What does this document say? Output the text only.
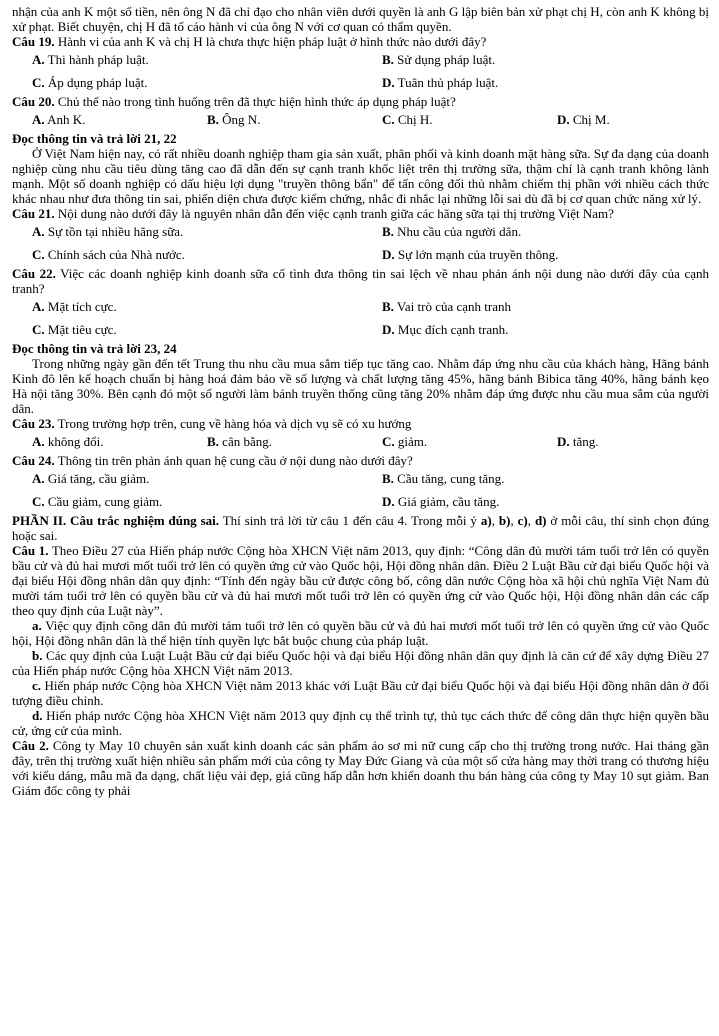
nhận của anh K một số tiền, nên ông N đã chỉ đạo cho nhân viên dưới quyền là anh G lập biên bản xử phạt chị H, còn anh K không bị xử phạt. Biết chuyện, chị H đã tố cáo hành vi của ông N với cơ quan có thẩm quyền.

Câu 19. Hành vi của anh K và chị H là chưa thực hiện pháp luật ở hình thức nào dưới đây?

A. Thi hành pháp luật.	B. Sử dụng pháp luật.
C. Áp dụng pháp luật.	D. Tuân thủ pháp luật.

Câu 20. Chủ thể nào trong tình huống trên đã thực hiện hình thức áp dụng pháp luật?

A. Anh K.	B. Ông N.	C. Chị H.	D. Chị M.

Đọc thông tin và trả lời 21, 22

Ở Việt Nam hiện nay, có rất nhiều doanh nghiệp tham gia sản xuất, phân phối và kinh doanh mặt hàng sữa. Sự đa dạng của doanh nghiệp cùng nhu cầu tiêu dùng tăng cao đã dẫn đến sự cạnh tranh khốc liệt trên thị trường sữa, thậm chí là cạnh tranh không lành mạnh. Một số doanh nghiệp có dấu hiệu lợi dụng "truyền thông bẩn" để tấn công đối thủ nhằm chiếm thị phần với nhiều cách thức khác nhau như đưa thông tin sai, phiến diện chưa được kiểm chứng, nhắc đi nhắc lại những lỗi sai dù đã bị cơ quan chức năng xử lý.

Câu 21. Nội dung nào dưới đây là nguyên nhân dẫn đến việc cạnh tranh giữa các hãng sữa tại thị trường Việt Nam?

A. Sự tồn tại nhiều hãng sữa.	B. Nhu cầu của người dân.
C. Chính sách của Nhà nước.	D. Sự lớn mạnh của truyền thông.

Câu 22. Việc các doanh nghiệp kinh doanh sữa cố tình đưa thông tin sai lệch về nhau phản ánh nội dung nào dưới đây của cạnh tranh?

A. Mặt tích cực.	B. Vai trò của cạnh tranh
C. Mặt tiêu cực.	D. Mục đích cạnh tranh.

Đọc thông tin và trả lời 23, 24

Trong những ngày gần đến tết Trung thu nhu cầu mua sắm tiếp tục tăng cao. Nhằm đáp ứng nhu cầu của khách hàng, Hãng bánh Kinh đô lên kế hoạch chuẩn bị hàng hoá đảm bảo về số lượng và chất lượng tăng 45%, hãng bánh Bibica tăng 40%, hãng bánh kẹo Hà nội tăng 30%. Bên cạnh đó một số người làm bánh truyền thống cũng tăng 20% nhằm đáp ứng được nhu cầu mua sắm của người dân.

Câu 23. Trong trường hợp trên, cung về hàng hóa và dịch vụ sẽ có xu hướng

A. không đổi.	B. cân bằng.	C. giảm.	D. tăng.

Câu 24. Thông tin trên phản ánh quan hệ cung cầu ở nội dung nào dưới đây?

A. Giá tăng, cầu giảm.	B. Cầu tăng, cung tăng.
C. Cầu giảm, cung giảm.	D. Giá giảm, cầu tăng.

PHẦN II. Câu trắc nghiệm đúng sai. Thí sinh trả lời từ câu 1 đến câu 4. Trong mỗi ý a), b), c), d) ở mỗi câu, thí sinh chọn đúng hoặc sai.

Câu 1. Theo Điều 27 của Hiến pháp nước Cộng hòa XHCN Việt năm 2013, quy định: “Công dân đủ mười tám tuổi trở lên có quyền bầu cử và đủ hai mươi mốt tuổi trở lên có quyền ứng cử vào Quốc hội, Hội đồng nhân dân. Điều 2 Luật Bầu cử đại biểu Quốc hội và đại biểu Hội đồng nhân dân quy định: “Tính đến ngày bầu cử được công bố, công dân nước Cộng hòa xã hội chủ nghĩa Việt Nam đủ mười tám tuổi trở lên có quyền bầu cử và đủ hai mươi mốt tuổi trở lên có quyền ứng cử vào Quốc hội, Hội đồng nhân dân các cấp theo quy định của Luật này”.

a. Việc quy định công dân đủ mười tám tuổi trở lên có quyền bầu cử và đủ hai mươi mốt tuổi trở lên có quyền ứng cử vào Quốc hội, Hội đồng nhân dân là thể hiện tính quyền lực bắt buộc chung của pháp luật.

b. Các quy định của Luật Luật Bầu cử đại biểu Quốc hội và đại biểu Hội đồng nhân dân quy định là căn cứ để xây dựng Điều 27 của Hiến pháp nước Cộng hòa XHCN Việt năm 2013.

c. Hiến pháp nước Cộng hòa XHCN Việt năm 2013 khác với Luật Bầu cử đại biểu Quốc hội và đại biểu Hội đồng nhân dân ở đối tượng điều chỉnh.

d. Hiến pháp nước Cộng hòa XHCN Việt năm 2013 quy định cụ thể trình tự, thủ tục cách thức để công dân thực hiện quyền bầu cử, ứng cử của mình.

Câu 2. Công ty May 10 chuyên sản xuất kinh doanh các sản phẩm áo sơ mi nữ cung cấp cho thị trường trong nước. Hai tháng gần đây, trên thị trường xuất hiện nhiều sản phẩm mới của công ty May Đức Giang và của một số cửa hàng may thời trang có thương hiệu với kiểu dáng, mẫu mã đa dạng, chất liệu vải đẹp, giá cũng hấp dẫn hơn khiến doanh thu bán hàng của công ty May 10 sụt giảm. Ban Giám đốc công ty phải
